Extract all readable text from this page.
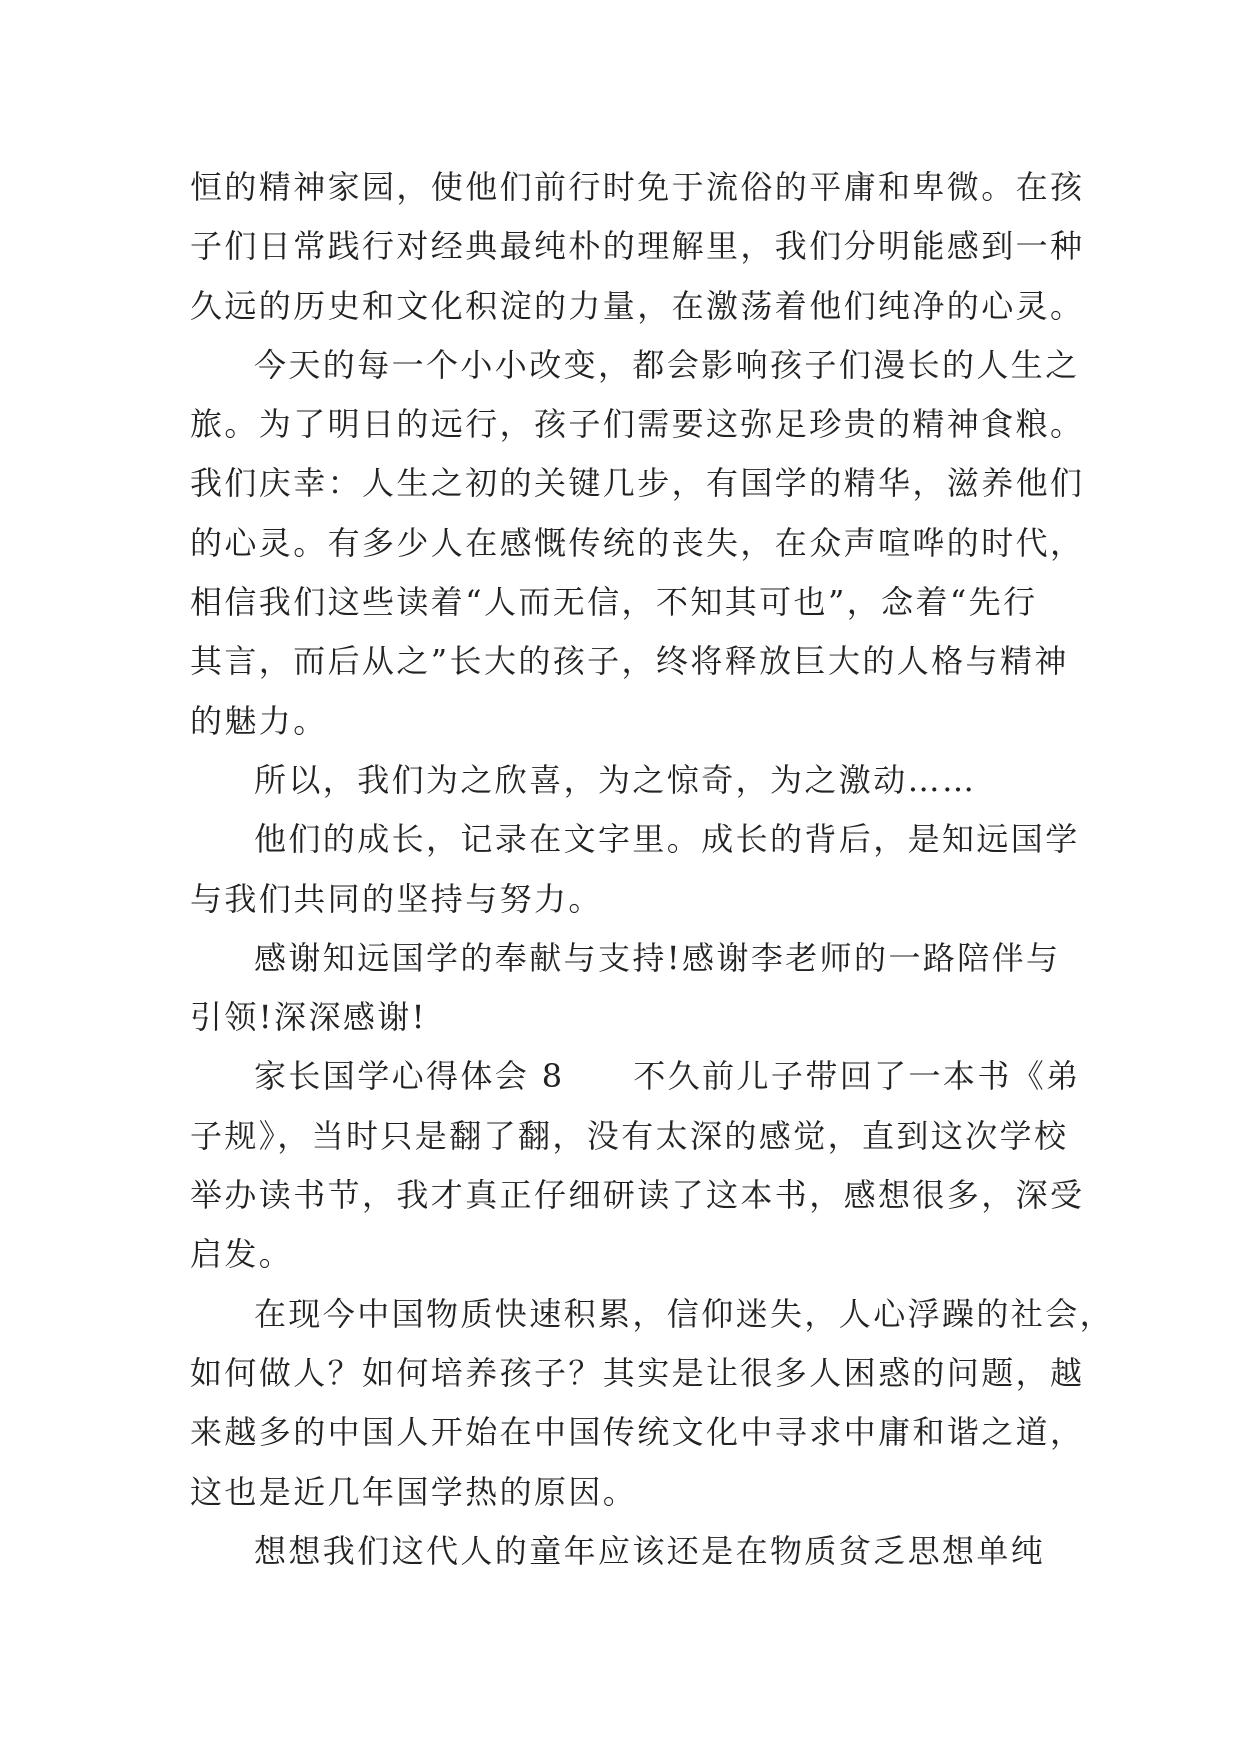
恒的精神家园，使他们前行时免于流俗的平庸和卑微。在孩
子们日常践行对经典最纯朴的理解里，我们分明能感到一种
久远的历史和文化积淀的力量，在激荡着他们纯净的心灵。
今天的每一个小小改变，都会影响孩子们漫长的人生之
旅。为了明日的远行，孩子们需要这弥足珍贵的精神食粮。
我们庆幸：人生之初的关键几步，有国学的精华，滋养他们
的心灵。有多少人在感慨传统的丧失，在众声喧哗的时代，
相信我们这些读着“人而无信，不知其可也”，念着“先行
其言，而后从之”长大的孩子，终将释放巨大的人格与精神
的魅力。
所以，我们为之欣喜，为之惊奇，为之激动……
他们的成长，记录在文字里。成长的背后，是知远国学
与我们共同的坚持与努力。
感谢知远国学的奉献与支持!感谢李老师的一路陪伴与
引领!深深感谢!
家长国学心得体会 8　　不久前儿子带回了一本书《弟
子规》，当时只是翻了翻，没有太深的感觉，直到这次学校
举办读书节，我才真正仔细研读了这本书，感想很多，深受
启发。
在现今中国物质快速积累，信仰迷失，人心浮躁的社会，
如何做人？如何培养孩子？其实是让很多人困惑的问题，越
来越多的中国人开始在中国传统文化中寻求中庸和谐之道，
这也是近几年国学热的原因。
想想我们这代人的童年应该还是在物质贫乏思想单纯
